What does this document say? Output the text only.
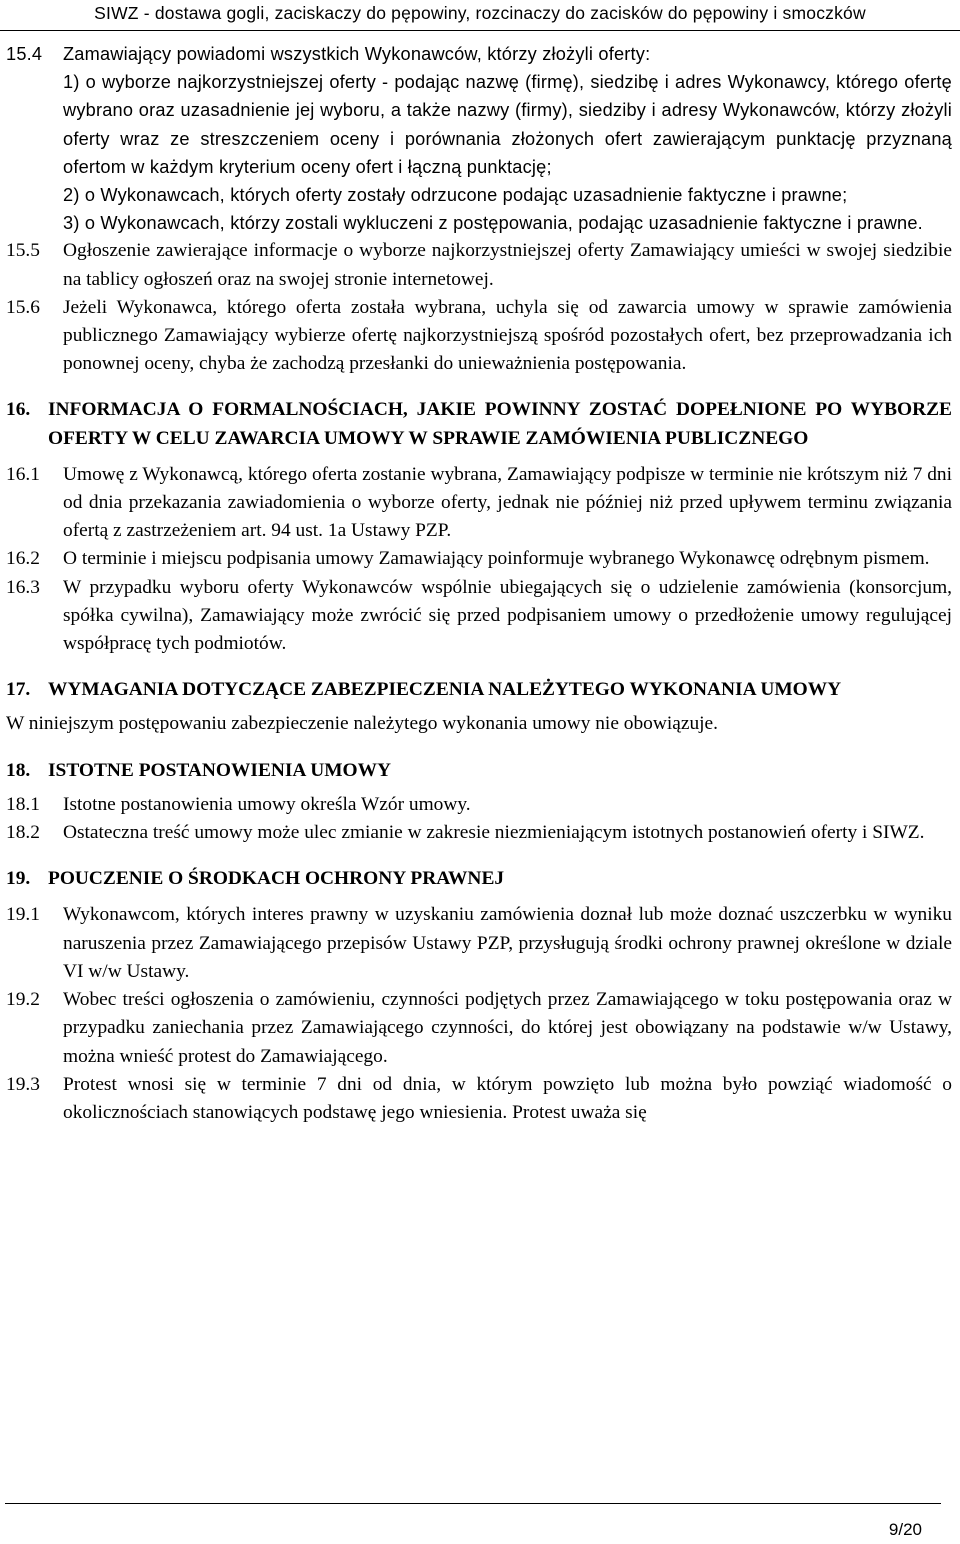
SIWZ - dostawa gogli, zaciskaczy do pępowiny, rozcinaczy do zacisków do pępowiny i smoczków
15.4 Zamawiający powiadomi wszystkich Wykonawców, którzy złożyli oferty:
1) o wyborze najkorzystniejszej oferty - podając nazwę (firmę), siedzibę i adres Wykonawcy, którego ofertę wybrano oraz uzasadnienie jej wyboru, a także nazwy (firmy), siedziby i adresy Wykonawców, którzy złożyli oferty wraz ze streszczeniem oceny i porównania złożonych ofert zawierającym punktację przyznaną ofertom w każdym kryterium oceny ofert i łączną punktację;
2) o Wykonawcach, których oferty zostały odrzucone podając uzasadnienie faktyczne i prawne;
3) o Wykonawcach, którzy zostali wykluczeni z postępowania, podając uzasadnienie faktyczne i prawne.
15.5 Ogłoszenie zawierające informacje o wyborze najkorzystniejszej oferty Zamawiający umieści w swojej siedzibie na tablicy ogłoszeń oraz na swojej stronie internetowej.
15.6 Jeżeli Wykonawca, którego oferta została wybrana, uchyla się od zawarcia umowy w sprawie zamówienia publicznego Zamawiający wybierze ofertę najkorzystniejszą spośród pozostałych ofert, bez przeprowadzania ich ponownej oceny, chyba że zachodzą przesłanki do unieważnienia postępowania.
16. INFORMACJA O FORMALNOŚCIACH, JAKIE POWINNY ZOSTAĆ DOPEŁNIONE PO WYBORZE OFERTY W CELU ZAWARCIA UMOWY W SPRAWIE ZAMÓWIENIA PUBLICZNEGO
16.1 Umowę z Wykonawcą, którego oferta zostanie wybrana, Zamawiający podpisze w terminie nie krótszym niż 7 dni od dnia przekazania zawiadomienia o wyborze oferty, jednak nie później niż przed upływem terminu związania ofertą z zastrzeżeniem art. 94 ust. 1a Ustawy PZP.
16.2 O terminie i miejscu podpisania umowy Zamawiający poinformuje wybranego Wykonawcę odrębnym pismem.
16.3 W przypadku wyboru oferty Wykonawców wspólnie ubiegających się o udzielenie zamówienia (konsorcjum, spółka cywilna), Zamawiający może zwrócić się przed podpisaniem umowy o przedłożenie umowy regulującej współpracę tych podmiotów.
17. WYMAGANIA DOTYCZĄCE ZABEZPIECZENIA NALEŻYTEGO WYKONANIA UMOWY
W niniejszym postępowaniu zabezpieczenie należytego wykonania umowy nie obowiązuje.
18. ISTOTNE POSTANOWIENIA UMOWY
18.1 Istotne postanowienia umowy określa Wzór umowy.
18.2 Ostateczna treść umowy może ulec zmianie w zakresie niezmieniającym istotnych postanowień oferty i SIWZ.
19. POUCZENIE O ŚRODKACH OCHRONY PRAWNEJ
19.1 Wykonawcom, których interes prawny w uzyskaniu zamówienia doznał lub może doznać uszczerbku w wyniku naruszenia przez Zamawiającego przepisów Ustawy PZP, przysługują środki ochrony prawnej określone w dziale VI w/w Ustawy.
19.2 Wobec treści ogłoszenia o zamówieniu, czynności podjętych przez Zamawiającego w toku postępowania oraz w przypadku zaniechania przez Zamawiającego czynności, do której jest obowiązany na podstawie w/w Ustawy, można wnieść protest do Zamawiającego.
19.3 Protest wnosi się w terminie 7 dni od dnia, w którym powzięto lub można było powziąć wiadomość o okolicznościach stanowiących podstawę jego wniesienia. Protest uważa się
9/20
